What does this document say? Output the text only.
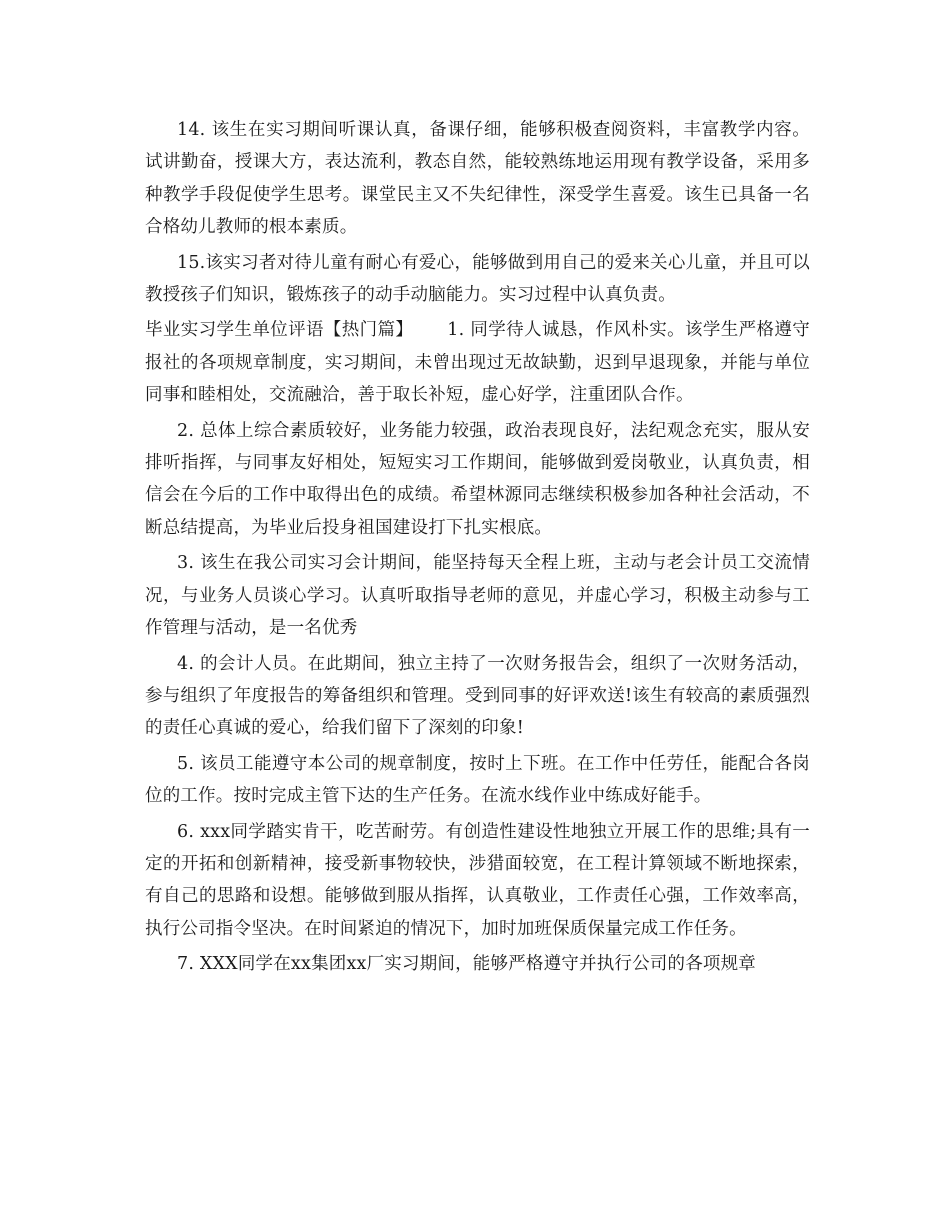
14. 该生在实习期间听课认真，备课仔细，能够积极查阅资料，丰富教学内容。试讲勤奋，授课大方，表达流利，教态自然，能较熟练地运用现有教学设备，采用多种教学手段促使学生思考。课堂民主又不失纪律性，深受学生喜爱。该生已具备一名合格幼儿教师的根本素质。

15.该实习者对待儿童有耐心有爱心，能够做到用自己的爱来关心儿童，并且可以教授孩子们知识，锻炼孩子的动手动脑能力。实习过程中认真负责。

毕业实习学生单位评语【热门篇】 1. 同学待人诚恳，作风朴实。该学生严格遵守报社的各项规章制度，实习期间，未曾出现过无故缺勤，迟到早退现象，并能与单位同事和睦相处，交流融洽，善于取长补短，虚心好学，注重团队合作。

2. 总体上综合素质较好，业务能力较强，政治表现良好，法纪观念充实，服从安排听指挥，与同事友好相处，短短实习工作期间，能够做到爱岗敬业，认真负责，相信会在今后的工作中取得出色的成绩。希望林源同志继续积极参加各种社会活动，不断总结提高，为毕业后投身祖国建设打下扎实根底。

3. 该生在我公司实习会计期间，能坚持每天全程上班，主动与老会计员工交流情况，与业务人员谈心学习。认真听取指导老师的意见，并虚心学习，积极主动参与工作管理与活动，是一名优秀

4. 的会计人员。在此期间，独立主持了一次财务报告会，组织了一次财务活动，参与组织了年度报告的筹备组织和管理。受到同事的好评欢送!该生有较高的素质强烈的责任心真诚的爱心，给我们留下了深刻的印象!

5. 该员工能遵守本公司的规章制度，按时上下班。在工作中任劳任，能配合各岗位的工作。按时完成主管下达的生产任务。在流水线作业中练成好能手。

6. xxx同学踏实肯干，吃苦耐劳。有创造性建设性地独立开展工作的思维;具有一定的开拓和创新精神，接受新事物较快，涉猎面较宽，在工程计算领域不断地探索，有自己的思路和设想。能够做到服从指挥，认真敬业，工作责任心强，工作效率高，执行公司指令坚决。在时间紧迫的情况下，加时加班保质保量完成工作任务。

7. XXX同学在xx集团xx厂实习期间，能够严格遵守并执行公司的各项规章
